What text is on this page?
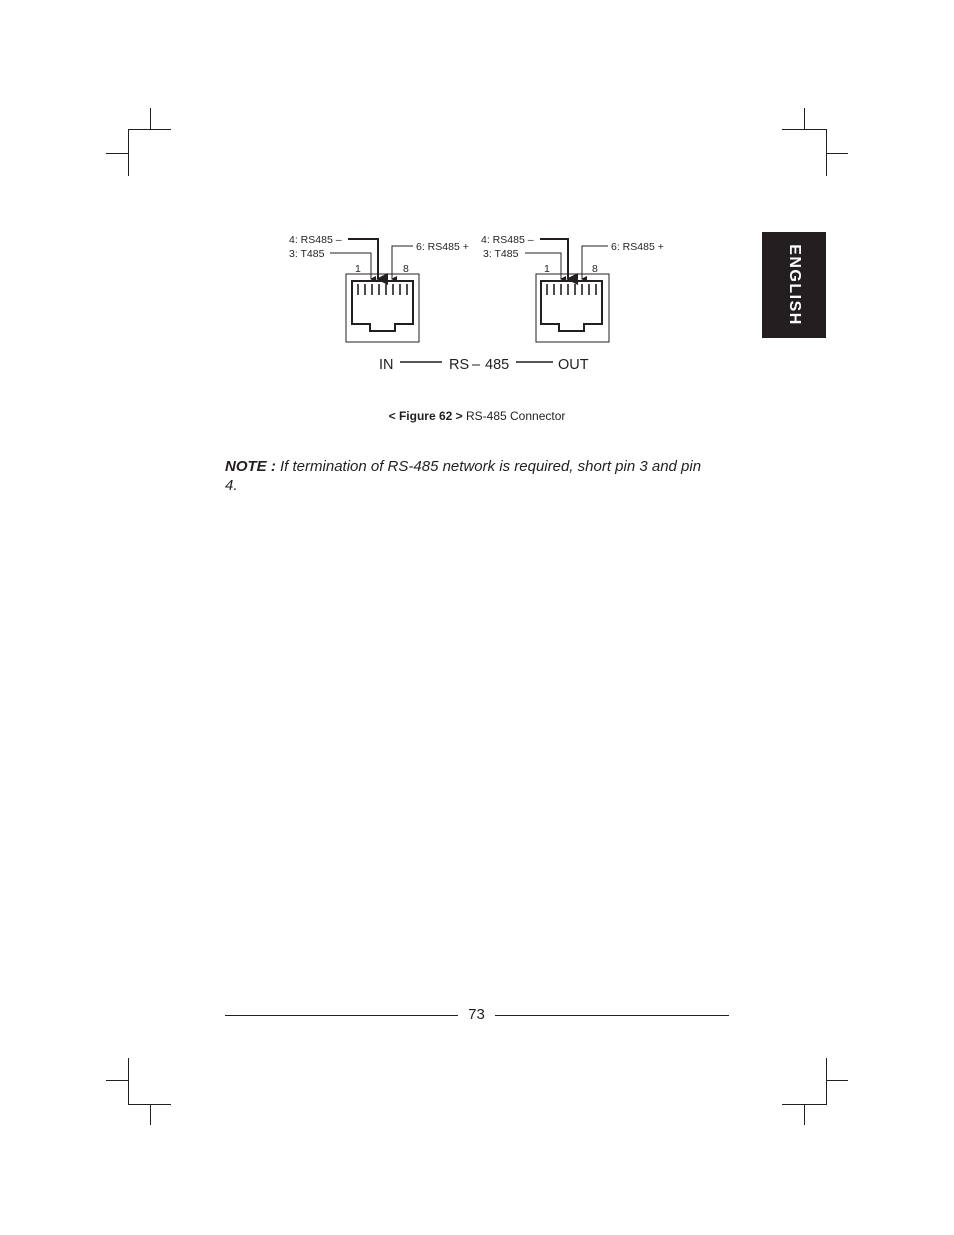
ENGLISH
4: RS485 –
3: T485
6: RS485 +
1	8
4: RS485 –
3: T485
6: RS485 +
1	8
IN	RS – 485	OUT
< Figure 62 > RS-485 Connector
NOTE : If termination of RS-485 network is required, short pin 3 and pin 4.
73
